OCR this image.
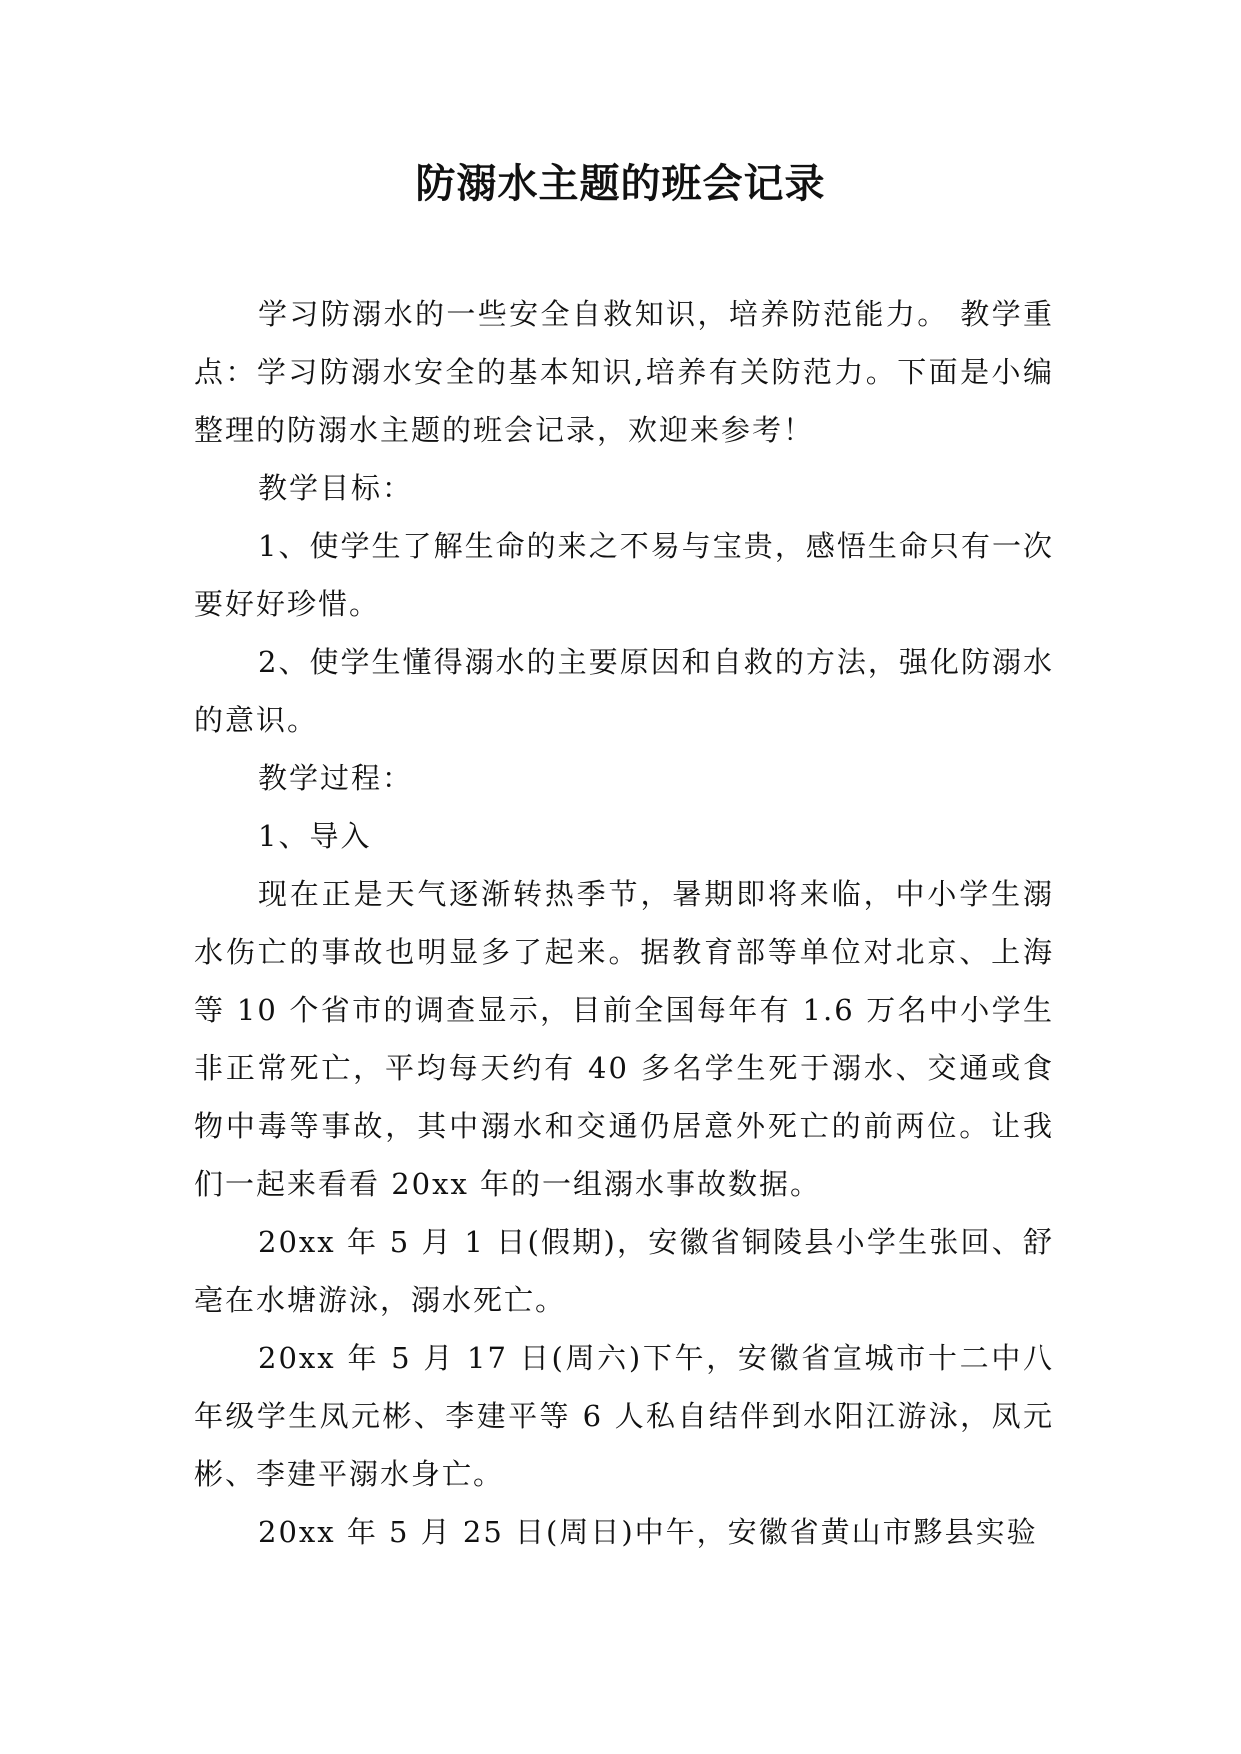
防溺水主题的班会记录

学习防溺水的一些安全自救知识，培养防范能力。 教学重点：学习防溺水安全的基本知识,培养有关防范力。下面是小编整理的防溺水主题的班会记录，欢迎来参考！

教学目标：

1、使学生了解生命的来之不易与宝贵，感悟生命只有一次要好好珍惜。

2、使学生懂得溺水的主要原因和自救的方法，强化防溺水的意识。

教学过程：

1、导入

现在正是天气逐渐转热季节，暑期即将来临，中小学生溺水伤亡的事故也明显多了起来。据教育部等单位对北京、上海等 10 个省市的调查显示，目前全国每年有 1.6 万名中小学生非正常死亡，平均每天约有 40 多名学生死于溺水、交通或食物中毒等事故，其中溺水和交通仍居意外死亡的前两位。让我们一起来看看 20xx 年的一组溺水事故数据。

20xx 年 5 月 1 日(假期)，安徽省铜陵县小学生张回、舒亳在水塘游泳，溺水死亡。

20xx 年 5 月 17 日(周六)下午，安徽省宣城市十二中八年级学生凤元彬、李建平等 6 人私自结伴到水阳江游泳，凤元彬、李建平溺水身亡。

20xx 年 5 月 25 日(周日)中午，安徽省黄山市黟县实验
